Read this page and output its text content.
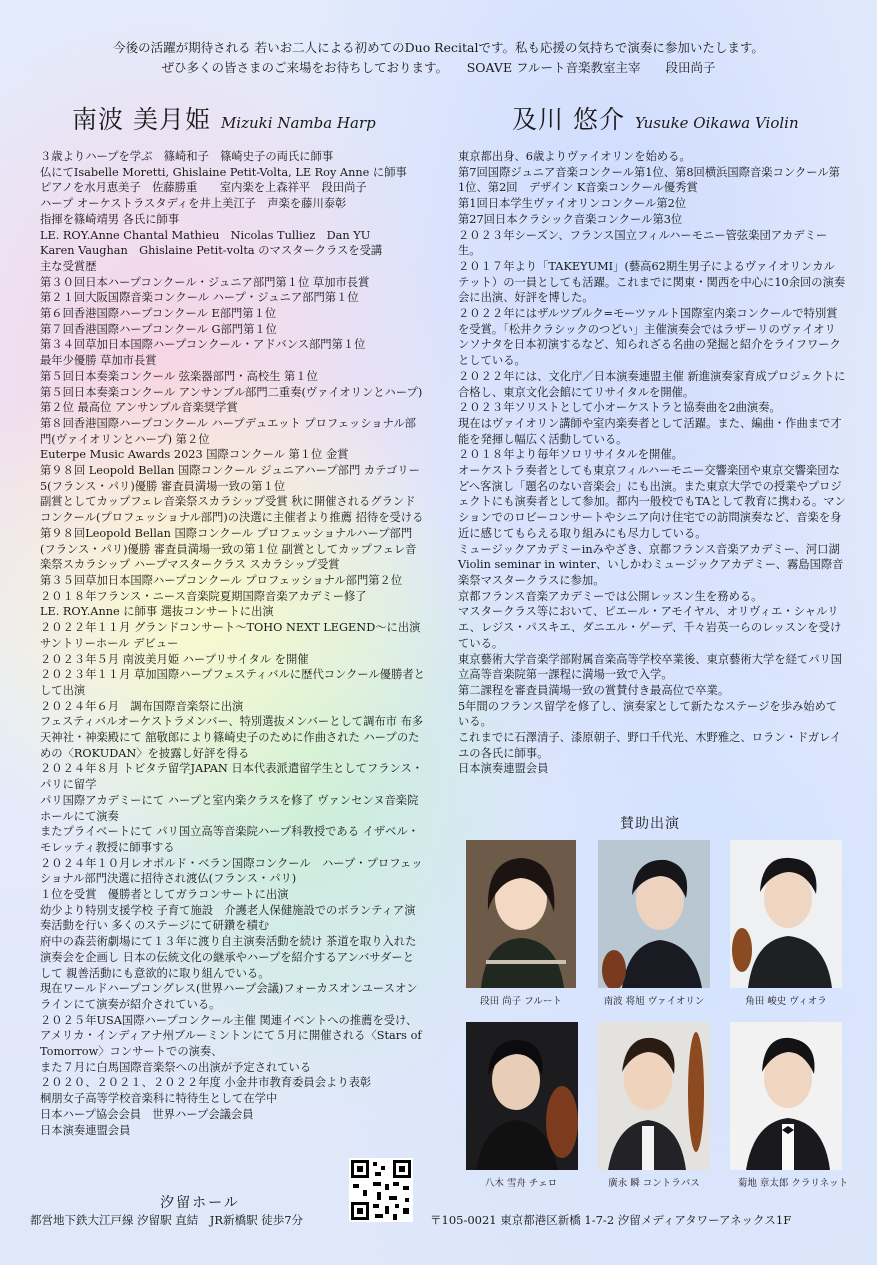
今後の活躍が期待される 若いお二人による初めてのDuo Recitalです。私も応援の気持ちで演奏に参加いたします。
ぜひ多くの皆さまのご来場をお待ちしております。　　SOAVE フルート音楽教室主宰　　段田尚子
南波 美月姫 Mizuki Namba Harp	及川 悠介 Yusuke Oikawa Violin

３歳よりハープを学ぶ　篠崎和子　篠崎史子の両氏に師事
仏にてIsabelle Moretti, Ghislaine Petit-Volta, LE Roy Anne に師事
ピアノを水月恵美子　佐藤勝重　　室内楽を上森祥平　段田尚子
ハープ オーケストラスタディを井上美江子　声楽を藤川泰彰
指揮を篠崎靖男 各氏に師事
LE. ROY.Anne Chantal Mathieu　Nicolas Tulliez　Dan YU
Karen Vaughan　Ghislaine Petit-volta のマスタークラスを受講
主な受賞歴
第３０回日本ハープコンクール・ジュニア部門第１位 草加市長賞
第２１回大阪国際音楽コンクール ハープ・ジュニア部門第１位
第６回香港国際ハープコンクール E部門第１位
第７回香港国際ハープコンクール G部門第１位
第３４回草加日本国際ハープコンクール・アドバンス部門第１位
最年少優勝 草加市長賞
第５回日本奏楽コンクール 弦楽器部門・高校生 第１位
第５回日本奏楽コンクール アンサンブル部門二重奏(ヴァイオリンとハープ)第２位 最高位 アンサンブル音楽奨学賞
第８回香港国際ハープコンクール ハープデュエット プロフェッショナル部門(ヴァイオリンとハープ) 第２位
Euterpe Music Awards 2023 国際コンクール 第１位 金賞
第９８回 Leopold Bellan 国際コンクール ジュニアハープ部門 カテゴリー5(フランス・パリ)優勝 審査員満場一致の第１位
副賞としてカップフェレ音楽祭スカラシップ受賞 秋に開催されるグランドコンクール(プロフェッショナル部門)の決選に主催者より推薦 招待を受ける
第９８回Leopold Bellan 国際コンクール プロフェッショナルハープ部門(フランス・パリ)優勝 審査員満場一致の第１位 副賞としてカップフェレ音楽祭スカラシップ ハープマスタークラス スカラシップ受賞
第３５回草加日本国際ハープコンクール プロフェッショナル部門第２位
２０１８年フランス・ニース音楽院夏期国際音楽アカデミー修了
LE. ROY.Anne に師事 選抜コンサートに出演
２０２２年１１月 グランドコンサート～TOHO NEXT LEGEND～に出演 サントリーホール デビュー
２０２３年５月 南波美月姫 ハープリサイタル を開催
２０２３年１１月 草加国際ハープフェスティバルに歴代コンクール優勝者として出演
２０２４年６月　調布国際音楽祭に出演
フェスティバルオーケストラメンバー、特別選抜メンバーとして調布市 布多天神社・神楽殿にて 舘敬郎により篠崎史子のために作曲された ハープのための〈ROKUDAN〉を披露し好評を得る
２０２４年８月 トビタテ留学JAPAN 日本代表派遣留学生としてフランス・パリに留学
パリ国際アカデミーにて ハープと室内楽クラスを修了 ヴァンセンヌ音楽院ホールにて演奏
またプライベートにて パリ国立高等音楽院ハープ科教授である イザベル・モレッティ教授に師事する
２０２４年１０月レオポルド・ベラン国際コンクール　ハープ・プロフェッショナル部門決選に招待され渡仏(フランス・パリ)
１位を受賞　優勝者としてガラコンサートに出演
幼少より特別支援学校 子育て施設　介護老人保健施設でのボランティア演奏活動を行い 多くのステージにて研鑽を積む
府中の森芸術劇場にて１３年に渡り自主演奏活動を続け 茶道を取り入れた演奏会を企画し 日本の伝統文化の継承やハープを紹介するアンバサダーとして 親善活動にも意欲的に取り組んでいる。
現在ワールドハープコングレス(世界ハープ会議)フォーカスオンユースオンラインにて演奏が紹介されている。
２０２５年USA国際ハープコンクール主催 関連イベントへの推薦を受け、アメリカ・インディアナ州ブルーミントンにて５月に開催される〈Stars of Tomorrow〉コンサートでの演奏、
また７月に白馬国際音楽祭への出演が予定されている
２０２０、２０２１、２０２２年度 小金井市教育委員会より表彰
桐朋女子高等学校音楽科に特待生として在学中
日本ハープ協会会員　世界ハープ会議会員
日本演奏連盟会員

東京都出身、6歳よりヴァイオリンを始める。
第7回国際ジュニア音楽コンクール第1位、第8回横浜国際音楽コンクール第1位、第2回　デザイン K音楽コンクール優秀賞
第1回日本学生ヴァイオリンコンクール第2位
第27回日本クラシック音楽コンクール第3位
２０２３年シーズン、フランス国立フィルハーモニー管弦楽団アカデミー生。
２０１７年より「TAKEYUMI」(藝高62期生男子によるヴァイオリンカルテット）の一員としても活躍。これまでに関東・関西を中心に10余回の演奏会に出演、好評を博した。
２０２２年にはザルツブルク=モーツァルト国際室内楽コンクールで特別賞を受賞。「松井クラシックのつどい」主催演奏会ではラザーリのヴァイオリンソナタを日本初演するなど、知られざる名曲の発掘と紹介をライフワークとしている。
２０２２年には、文化庁／日本演奏連盟主催 新進演奏家育成プロジェクトに合格し、東京文化会館にてリサイタルを開催。
２０２３年ソリストとして小オーケストラと協奏曲を2曲演奏。
現在はヴァイオリン講師や室内楽奏者として活躍。また、編曲・作曲まで才能を発揮し幅広く活動している。
２０１８年より毎年ソロリサイタルを開催。
オーケストラ奏者としても東京フィルハーモニー交響楽団や東京交響楽団などへ客演し「題名のない音楽会」にも出演。また東京大学での授業やプロジェクトにも演奏者として参加。都内一般校でもTAとして教育に携わる。マンションでのロビーコンサートやシニア向け住宅での訪問演奏など、音楽を身近に感じてもらえる取り組みにも尽力している。
ミュージックアカデミーinみやざき、京都フランス音楽アカデミー、河口湖Violin seminar in winter、いしかわミュージックアカデミー、霧島国際音楽祭マスタークラスに参加。
京都フランス音楽アカデミーでは公開レッスン生を務める。
マスタークラス等において、ピエール・アモイヤル、オリヴィエ・シャルリエ、レジス・パスキエ、ダニエル・ゲーデ、千々岩英一らのレッスンを受けている。
東京藝術大学音楽学部附属音楽高等学校卒業後、東京藝術大学を経てパリ国立高等音楽院第一課程に満場一致で入学。
第二課程を審査員満場一致の賞賛付き最高位で卒業。
5年間のフランス留学を修了し、演奏家として新たなステージを歩み始めている。
これまでに石澤清子、漆原朝子、野口千代光、木野雅之、ロラン・ドガレイユの各氏に師事。
日本演奏連盟会員

賛助出演
段田 尚子 フルート	南波 将旭 ヴァイオリン	角田 峻史 ヴィオラ
八木 雪舟 チェロ	廣永 瞬 コントラバス	菊地 章太郎 クラリネット
汐留ホール
都営地下鉄大江戸線 汐留駅 直結　JR新橋駅 徒歩7分	〒105-0021 東京都港区新橋 1-7-2 汐留メディアタワーアネックス1F
